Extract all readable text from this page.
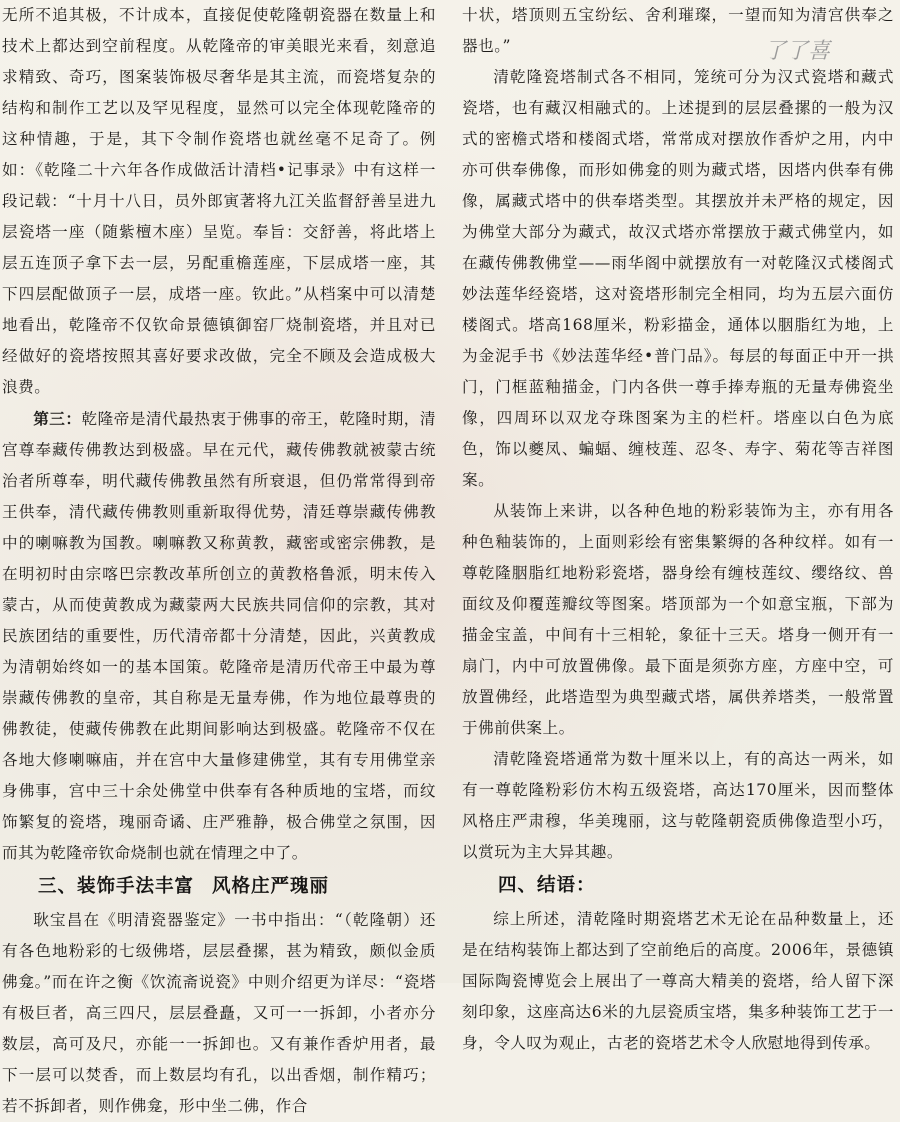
无所不追其极，不计成本，直接促使乾隆朝瓷器在数量上和技术上都达到空前程度。从乾隆帝的审美眼光来看，刻意追求精致、奇巧，图案装饰极尽奢华是其主流，而瓷塔复杂的结构和制作工艺以及罕见程度，显然可以完全体现乾隆帝的这种情趣，于是，其下令制作瓷塔也就丝毫不足奇了。例如：《乾隆二十六年各作成做活计清档•记事录》中有这样一段记载：“十月十八日，员外郎寅著将九江关监督舒善呈进九层瓷塔一座（随紫檀木座）呈览。奉旨：交舒善，将此塔上层五连顶子拿下去一层，另配重檐莲座，下层成塔一座，其下四层配做顶子一层，成塔一座。钦此。”从档案中可以清楚地看出，乾隆帝不仅钦命景德镇御窑厂烧制瓷塔，并且对已经做好的瓷塔按照其喜好要求改做，完全不顾及会造成极大浪费。

第三：乾隆帝是清代最热衷于佛事的帝王，乾隆时期，清宫尊奉藏传佛教达到极盛。早在元代，藏传佛教就被蒙古统治者所尊奉，明代藏传佛教虽然有所衰退，但仍常常得到帝王供奉，清代藏传佛教则重新取得优势，清廷尊崇藏传佛教中的喇嘛教为国教。喇嘛教又称黄教，藏密或密宗佛教，是在明初时由宗喀巴宗教改革所创立的黄教格鲁派，明末传入蒙古，从而使黄教成为藏蒙两大民族共同信仰的宗教，其对民族团结的重要性，历代清帝都十分清楚，因此，兴黄教成为清朝始终如一的基本国策。乾隆帝是清历代帝王中最为尊崇藏传佛教的皇帝，其自称是无量寿佛，作为地位最尊贵的佛教徒，使藏传佛教在此期间影响达到极盛。乾隆帝不仅在各地大修喇嘛庙，并在宫中大量修建佛堂，其有专用佛堂亲身佛事，宫中三十余处佛堂中供奉有各种质地的宝塔，而纹饰繁复的瓷塔，瑰丽奇谲、庄严雅静，极合佛堂之氛围，因而其为乾隆帝钦命烧制也就在情理之中了。

三、装饰手法丰富 风格庄严瑰丽

耿宝昌在《明清瓷器鉴定》一书中指出：“（乾隆朝）还有各色地粉彩的七级佛塔，层层叠摞，甚为精致，颇似金质佛龛。”而在许之衡《饮流斋说瓷》中则介绍更为详尽：“瓷塔有极巨者，高三四尺，层层叠矗，又可一一拆卸，小者亦分数层，高可及尺，亦能一一拆卸也。又有兼作香炉用者，最下一层可以焚香，而上数层均有孔，以出香烟，制作精巧；若不拆卸者，则作佛龛，形中坐二佛，作合

十状，塔顶则五宝纷纭、舍利璀璨，一望而知为清宫供奉之器也。”

清乾隆瓷塔制式各不相同，笼统可分为汉式瓷塔和藏式瓷塔，也有藏汉相融式的。上述提到的层层叠摞的一般为汉式的密檐式塔和楼阁式塔，常常成对摆放作香炉之用，内中亦可供奉佛像，而形如佛龛的则为藏式塔，因塔内供奉有佛像，属藏式塔中的供奉塔类型。其摆放并未严格的规定，因为佛堂大部分为藏式，故汉式塔亦常摆放于藏式佛堂内，如在藏传佛教佛堂——雨华阁中就摆放有一对乾隆汉式楼阁式妙法莲华经瓷塔，这对瓷塔形制完全相同，均为五层六面仿楼阁式。塔高168厘米，粉彩描金，通体以胭脂红为地，上为金泥手书《妙法莲华经•普门品》。每层的每面正中开一拱门，门框蓝釉描金，门内各供一尊手捧寿瓶的无量寿佛瓷坐像，四周环以双龙夺珠图案为主的栏杆。塔座以白色为底色，饰以夔凤、蝙蝠、缠枝莲、忍冬、寿字、菊花等吉祥图案。

从装饰上来讲，以各种色地的粉彩装饰为主，亦有用各种色釉装饰的，上面则彩绘有密集繁缛的各种纹样。如有一尊乾隆胭脂红地粉彩瓷塔，器身绘有缠枝莲纹、缨络纹、兽面纹及仰覆莲瓣纹等图案。塔顶部为一个如意宝瓶，下部为描金宝盖，中间有十三相轮，象征十三天。塔身一侧开有一扇门，内中可放置佛像。最下面是须弥方座，方座中空，可放置佛经，此塔造型为典型藏式塔，属供养塔类，一般常置于佛前供案上。

清乾隆瓷塔通常为数十厘米以上，有的高达一两米，如有一尊乾隆粉彩仿木构五级瓷塔，高达170厘米，因而整体风格庄严肃穆，华美瑰丽，这与乾隆朝瓷质佛像造型小巧，以赏玩为主大异其趣。

四、结语：

综上所述，清乾隆时期瓷塔艺术无论在品种数量上，还是在结构装饰上都达到了空前绝后的高度。2006年，景德镇国际陶瓷博览会上展出了一尊高大精美的瓷塔，给人留下深刻印象，这座高达6米的九层瓷质宝塔，集多种装饰工艺于一身，令人叹为观止，古老的瓷塔艺术令人欣慰地得到传承。

了了喜
